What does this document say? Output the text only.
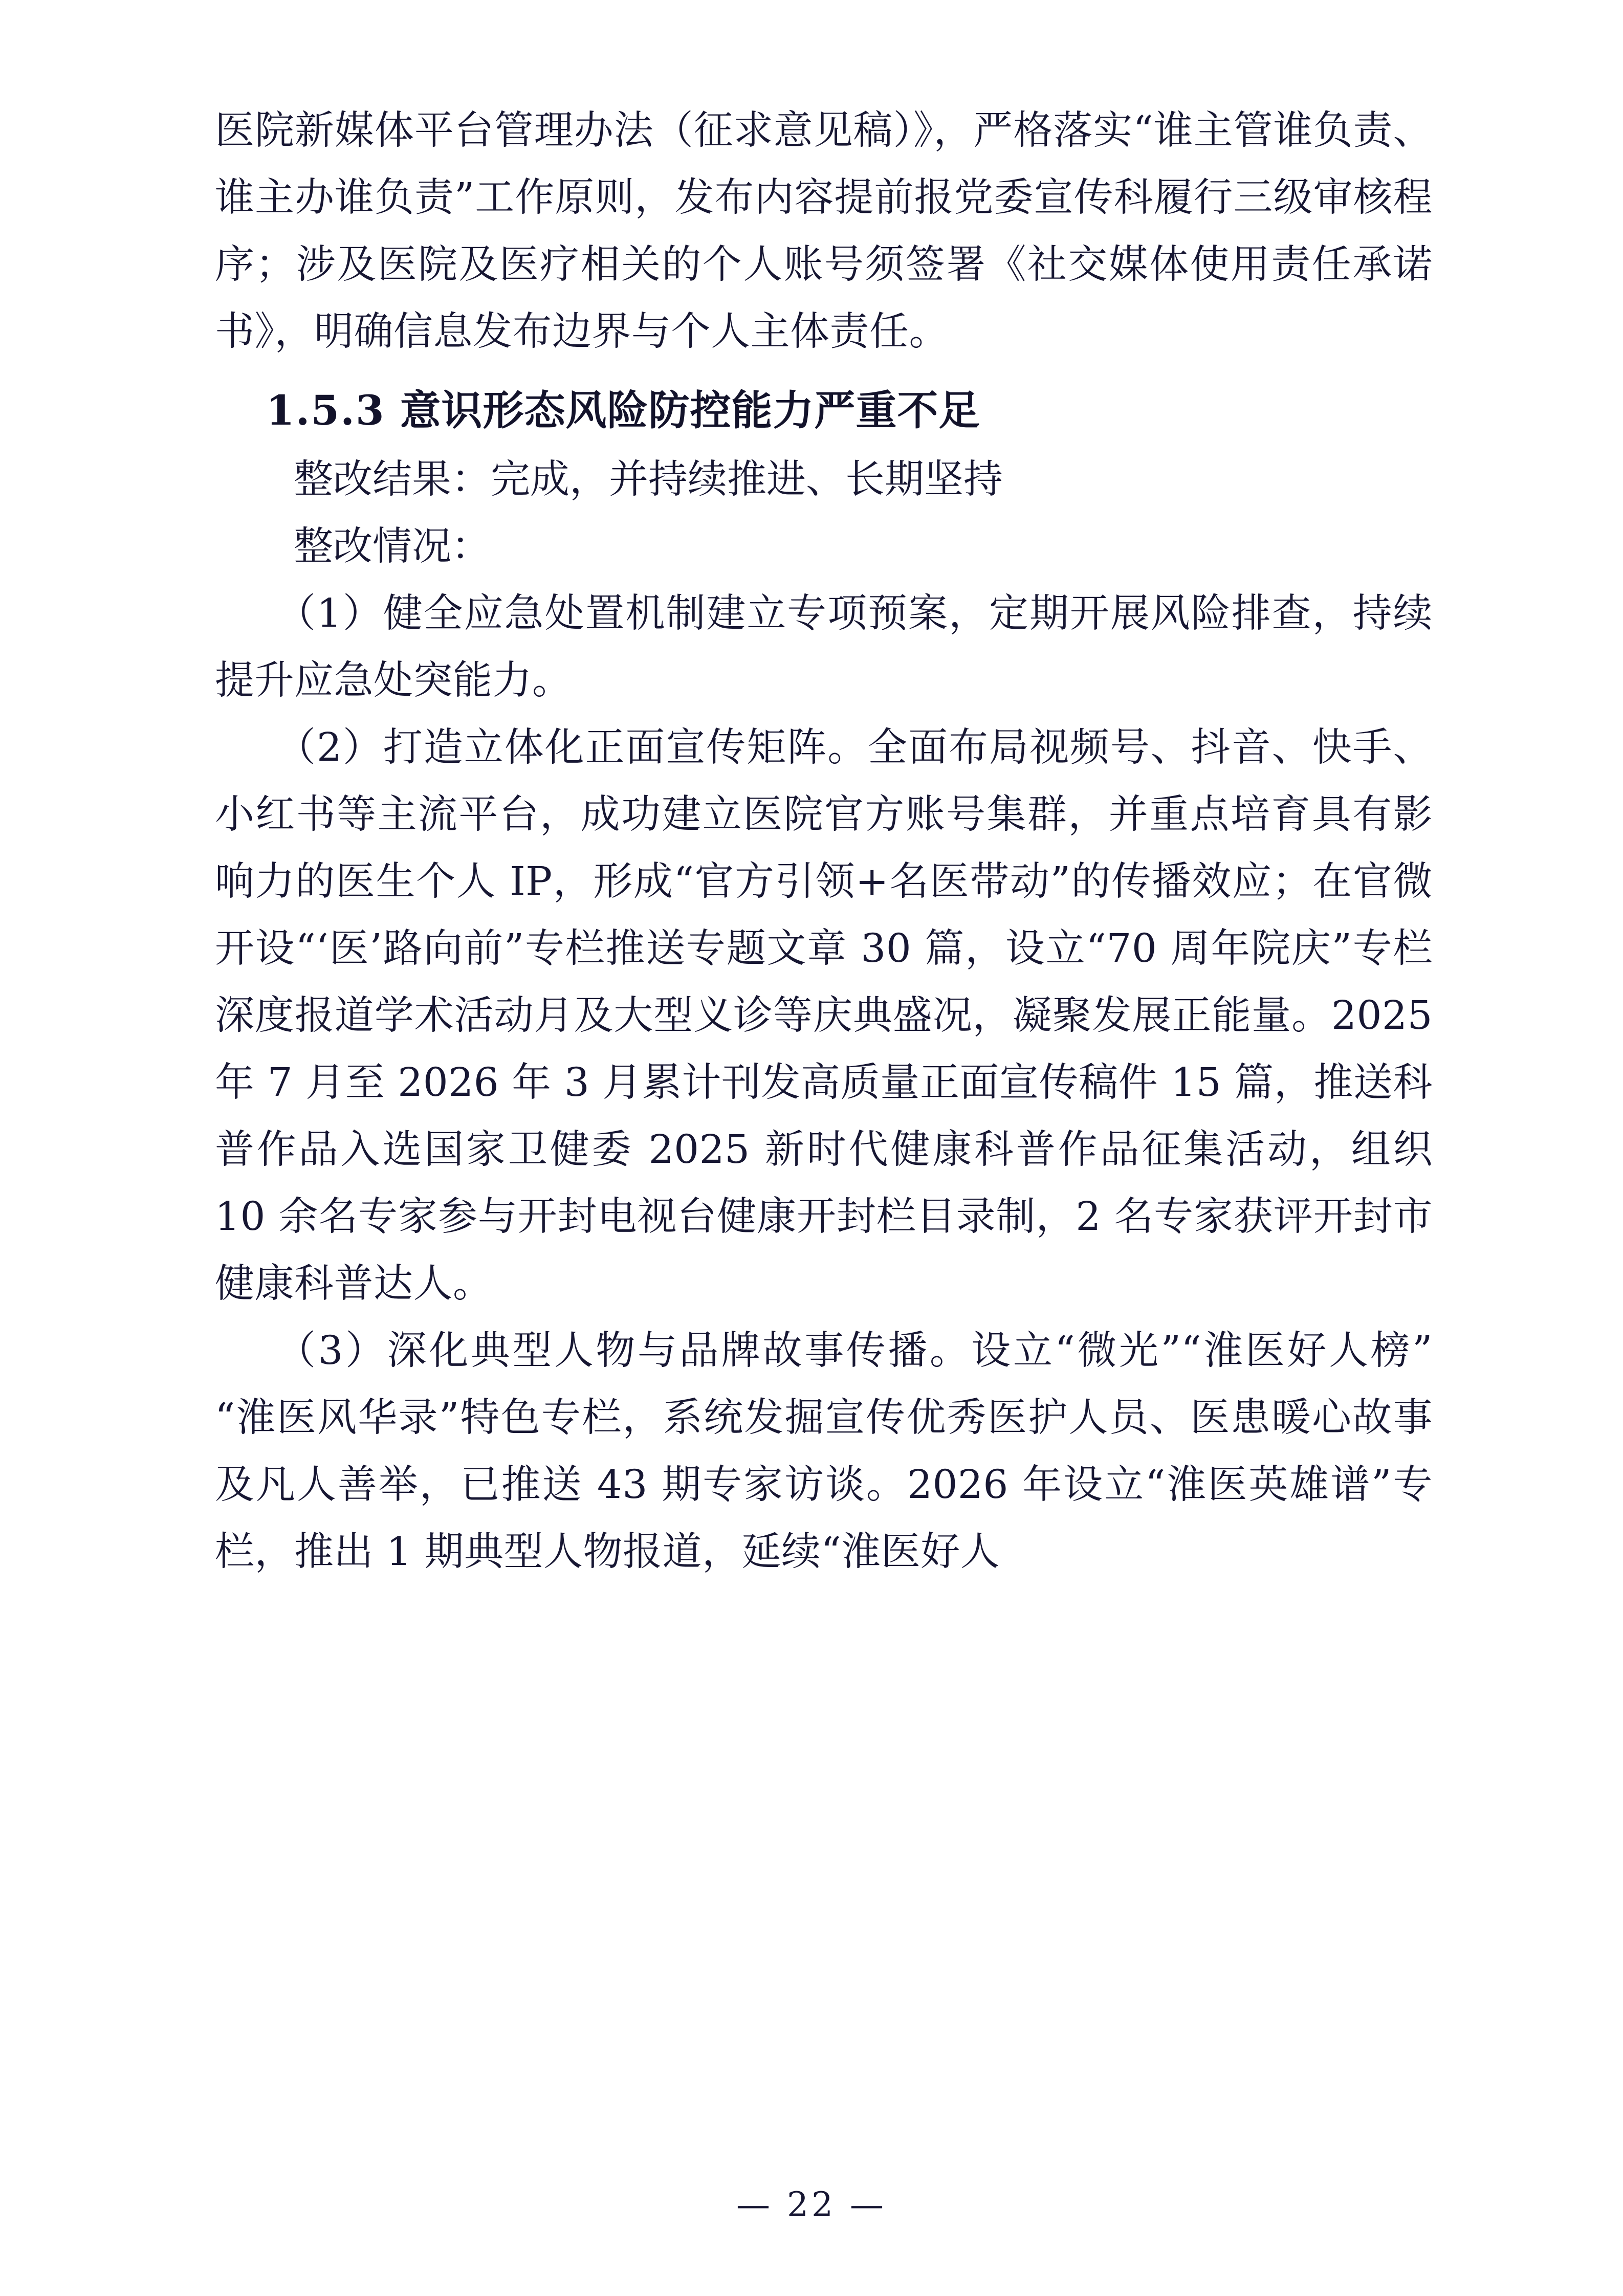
医院新媒体平台管理办法（征求意见稿）》，严格落实“谁主管谁负责、谁主办谁负责”工作原则，发布内容提前报党委宣传科履行三级审核程序；涉及医院及医疗相关的个人账号须签署《社交媒体使用责任承诺书》，明确信息发布边界与个人主体责任。

1.5.3 意识形态风险防控能力严重不足

整改结果：完成，并持续推进、长期坚持

整改情况：

（1）健全应急处置机制建立专项预案，定期开展风险排查，持续提升应急处突能力。

（2）打造立体化正面宣传矩阵。全面布局视频号、抖音、快手、小红书等主流平台，成功建立医院官方账号集群，并重点培育具有影响力的医生个人 IP，形成“官方引领+名医带动”的传播效应；在官微开设“‘医’路向前”专栏推送专题文章 30 篇，设立“70 周年院庆”专栏深度报道学术活动月及大型义诊等庆典盛况，凝聚发展正能量。2025 年 7 月至 2026 年 3 月累计刊发高质量正面宣传稿件 15 篇，推送科普作品入选国家卫健委 2025 新时代健康科普作品征集活动，组织 10 余名专家参与开封电视台健康开封栏目录制，2 名专家获评开封市健康科普达人。

（3）深化典型人物与品牌故事传播。设立“微光”“淮医好人榜”“淮医风华录”特色专栏，系统发掘宣传优秀医护人员、医患暖心故事及凡人善举，已推送 43 期专家访谈。2026 年设立“淮医英雄谱”专栏，推出 1 期典型人物报道，延续“淮医好人

— 22 —
